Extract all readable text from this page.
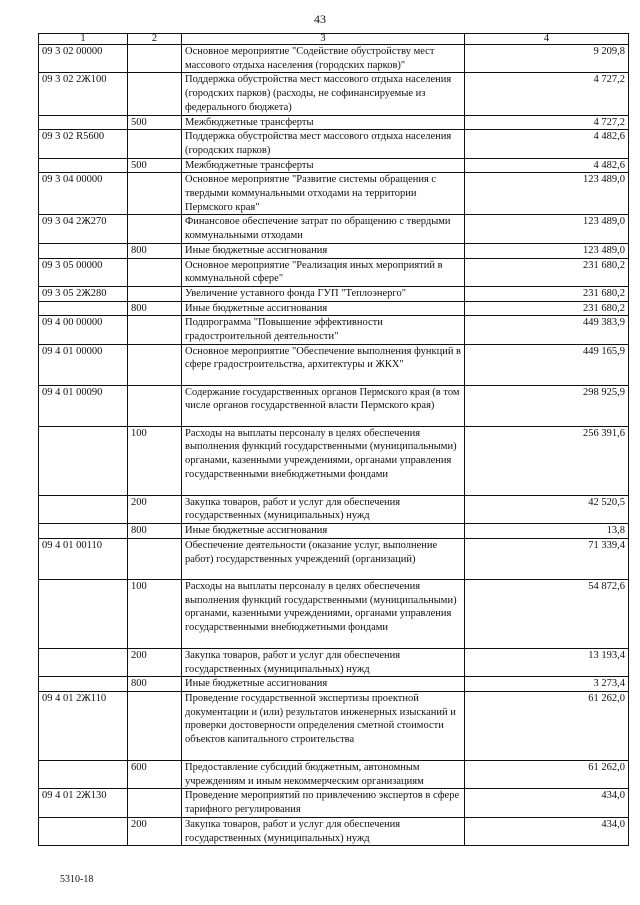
43
1	2	3	4
09 3 02 00000		Основное мероприятие "Содействие обустройству мест массового отдыха населения (городских парков)"	9 209,8
09 3 02 2Ж100		Поддержка обустройства мест массового отдыха населения (городских парков) (расходы, не софинансируемые из федерального бюджета)	4 727,2
	500	Межбюджетные трансферты	4 727,2
09 3 02 R5600		Поддержка обустройства мест массового отдыха населения (городских парков)	4 482,6
	500	Межбюджетные трансферты	4 482,6
09 3 04 00000		Основное мероприятие "Развитие системы обращения с твердыми коммунальными отходами на территории Пермского края"	123 489,0
09 3 04 2Ж270		Финансовое обеспечение затрат по обращению с твердыми коммунальными отходами	123 489,0
	800	Иные бюджетные ассигнования	123 489,0
09 3 05 00000		Основное мероприятие "Реализация иных мероприятий в коммунальной сфере"	231 680,2
09 3 05 2Ж280		Увеличение уставного фонда ГУП "Теплоэнерго"	231 680,2
	800	Иные бюджетные ассигнования	231 680,2
09 4 00 00000		Подпрограмма "Повышение эффективности градостроительной деятельности"	449 383,9
09 4 01 00000		Основное мероприятие "Обеспечение выполнения функций в сфере градостроительства, архитектуры и ЖКХ"	449 165,9
09 4 01 00090		Содержание государственных органов Пермского края (в том числе органов государственной власти Пермского края)	298 925,9
	100	Расходы на выплаты персоналу в целях обеспечения выполнения функций государственными (муниципальными) органами, казенными учреждениями, органами управления государственными внебюджетными фондами	256 391,6
	200	Закупка товаров, работ и услуг для обеспечения государственных (муниципальных) нужд	42 520,5
	800	Иные бюджетные ассигнования	13,8
09 4 01 00110		Обеспечение деятельности (оказание услуг, выполнение работ) государственных учреждений (организаций)	71 339,4
	100	Расходы на выплаты персоналу в целях обеспечения выполнения функций государственными (муниципальными) органами, казенными учреждениями, органами управления государственными внебюджетными фондами	54 872,6
	200	Закупка товаров, работ и услуг для обеспечения государственных (муниципальных) нужд	13 193,4
	800	Иные бюджетные ассигнования	3 273,4
09 4 01 2Ж110		Проведение государственной экспертизы проектной документации и (или) результатов инженерных изысканий и проверки достоверности определения сметной стоимости объектов капитального строительства	61 262,0
	600	Предоставление субсидий бюджетным, автономным учреждениям и иным некоммерческим организациям	61 262,0
09 4 01 2Ж130		Проведение мероприятий по привлечению экспертов в сфере тарифного регулирования	434,0
	200	Закупка товаров, работ и услуг для обеспечения государственных (муниципальных) нужд	434,0
5310-18
